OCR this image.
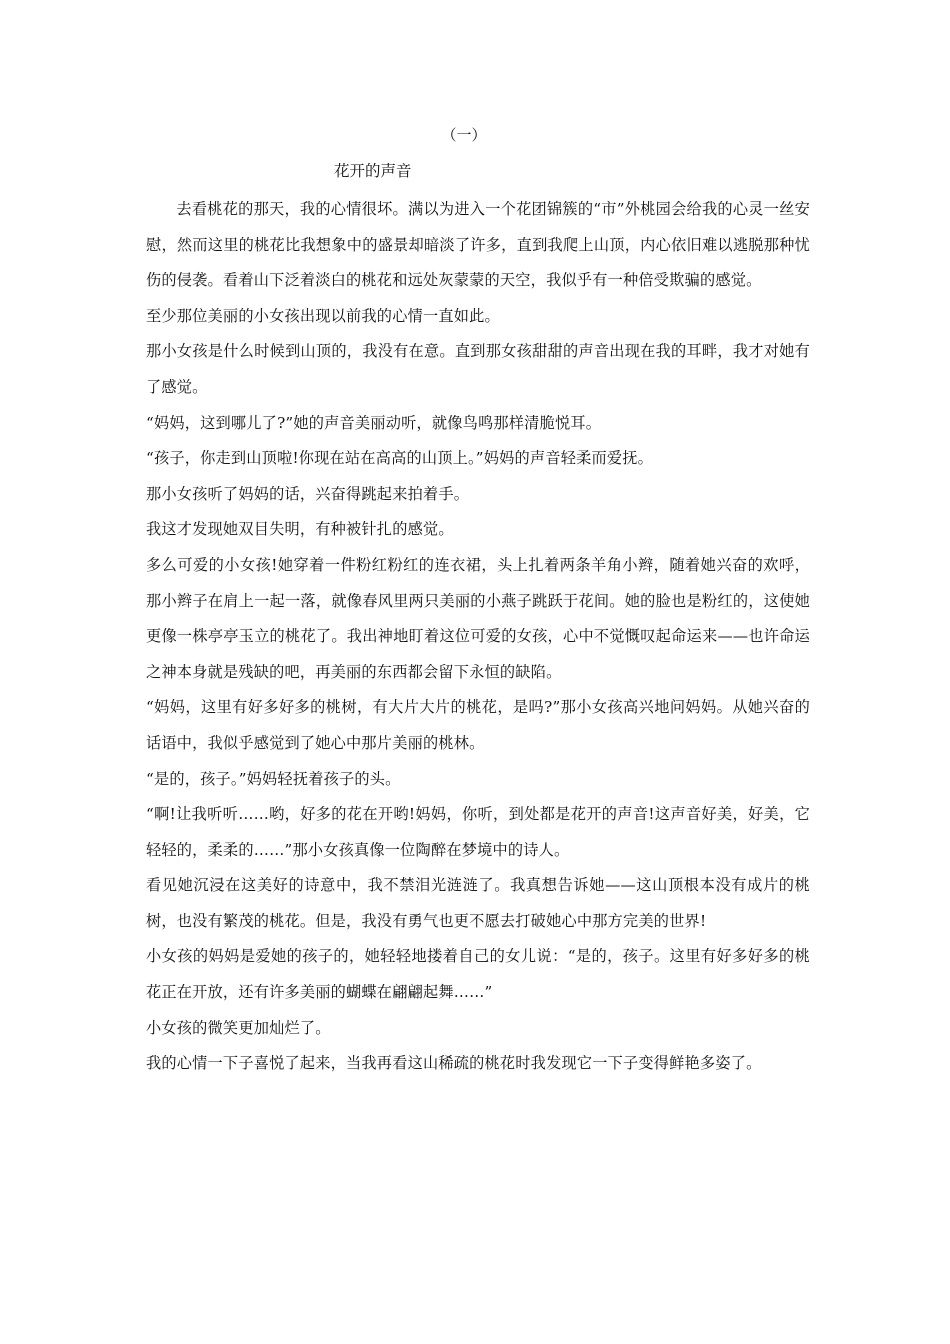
（一）
花开的声音

去看桃花的那天，我的心情很坏。满以为进入一个花团锦簇的“市”外桃园会给我的心灵一丝安慰，然而这里的桃花比我想象中的盛景却暗淡了许多，直到我爬上山顶，内心依旧难以逃脱那种忧伤的侵袭。看着山下泛着淡白的桃花和远处灰蒙蒙的天空，我似乎有一种倍受欺骗的感觉。

至少那位美丽的小女孩出现以前我的心情一直如此。

那小女孩是什么时候到山顶的，我没有在意。直到那女孩甜甜的声音出现在我的耳畔，我才对她有了感觉。

“妈妈，这到哪儿了?”她的声音美丽动听，就像鸟鸣那样清脆悦耳。

“孩子，你走到山顶啦!你现在站在高高的山顶上。”妈妈的声音轻柔而爱抚。

那小女孩听了妈妈的话，兴奋得跳起来拍着手。

我这才发现她双目失明，有种被针扎的感觉。

多么可爱的小女孩!她穿着一件粉红粉红的连衣裙，头上扎着两条羊角小辫，随着她兴奋的欢呼，那小辫子在肩上一起一落，就像春风里两只美丽的小燕子跳跃于花间。她的脸也是粉红的，这使她更像一株亭亭玉立的桃花了。我出神地盯着这位可爱的女孩，心中不觉慨叹起命运来——也许命运之神本身就是残缺的吧，再美丽的东西都会留下永恒的缺陷。

“妈妈，这里有好多好多的桃树，有大片大片的桃花，是吗?”那小女孩高兴地问妈妈。从她兴奋的话语中，我似乎感觉到了她心中那片美丽的桃林。

“是的，孩子。”妈妈轻抚着孩子的头。

“啊!让我听听……哟，好多的花在开哟!妈妈，你听，到处都是花开的声音!这声音好美，好美，它轻轻的，柔柔的……”那小女孩真像一位陶醉在梦境中的诗人。

看见她沉浸在这美好的诗意中，我不禁泪光涟涟了。我真想告诉她——这山顶根本没有成片的桃树，也没有繁茂的桃花。但是，我没有勇气也更不愿去打破她心中那方完美的世界!

小女孩的妈妈是爱她的孩子的，她轻轻地搂着自己的女儿说：“是的，孩子。这里有好多好多的桃花正在开放，还有许多美丽的蝴蝶在翩翩起舞……”

小女孩的微笑更加灿烂了。

我的心情一下子喜悦了起来，当我再看这山稀疏的桃花时我发现它一下子变得鲜艳多姿了。
